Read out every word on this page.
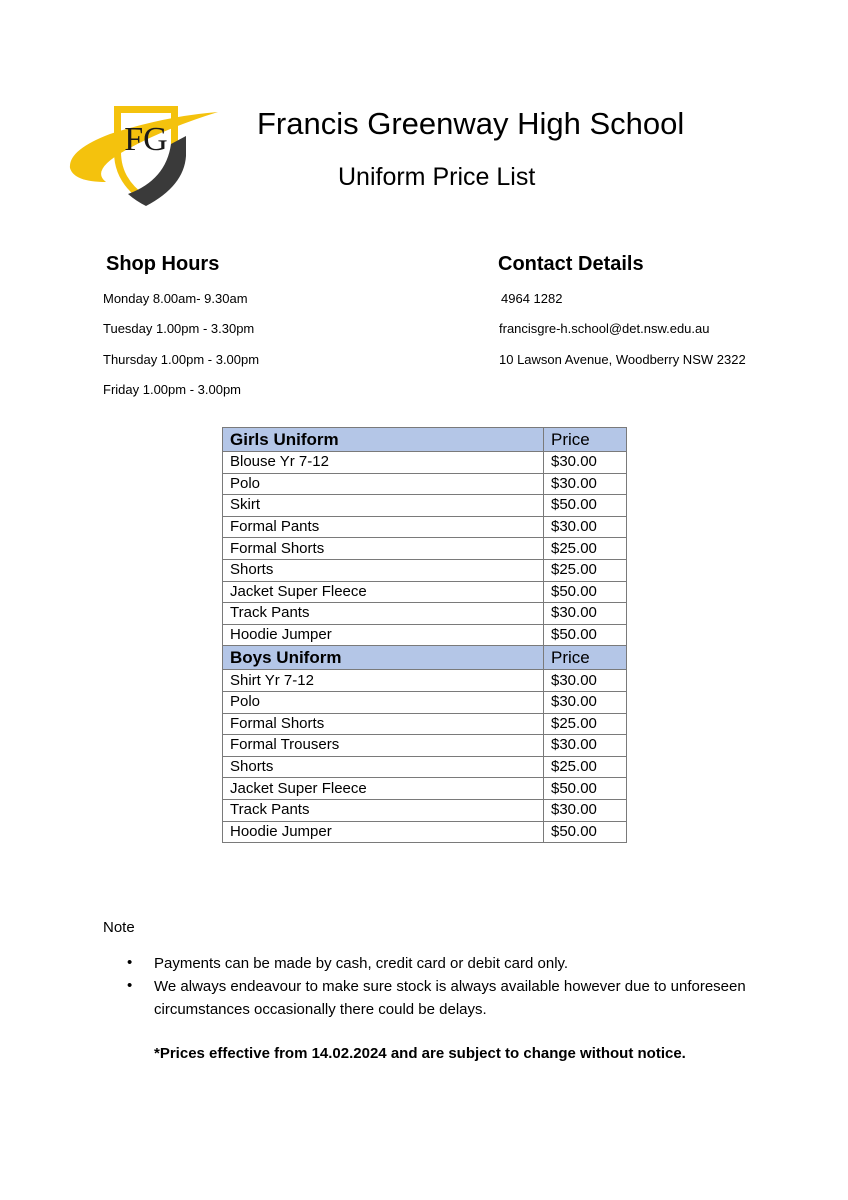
FG	Francis Greenway High School
Uniform Price List
Shop Hours
Monday 8.00am- 9.30am
Tuesday 1.00pm - 3.30pm
Thursday 1.00pm - 3.00pm
Friday 1.00pm - 3.00pm
Contact Details
4964 1282
francisgre-h.school@det.nsw.edu.au
10 Lawson Avenue, Woodberry NSW 2322
Girls Uniform	Price
Blouse Yr 7-12	$30.00
Polo	$30.00
Skirt	$50.00
Formal Pants	$30.00
Formal Shorts	$25.00
Shorts	$25.00
Jacket Super Fleece	$50.00
Track Pants	$30.00
Hoodie Jumper	$50.00
Boys Uniform	Price
Shirt Yr 7-12	$30.00
Polo	$30.00
Formal Shorts	$25.00
Formal Trousers	$30.00
Shorts	$25.00
Jacket Super Fleece	$50.00
Track Pants	$30.00
Hoodie Jumper	$50.00
Note
• Payments can be made by cash, credit card or debit card only.
• We always endeavour to make sure stock is always available however due to unforeseen circumstances occasionally there could be delays.
*Prices effective from 14.02.2024 and are subject to change without notice.
